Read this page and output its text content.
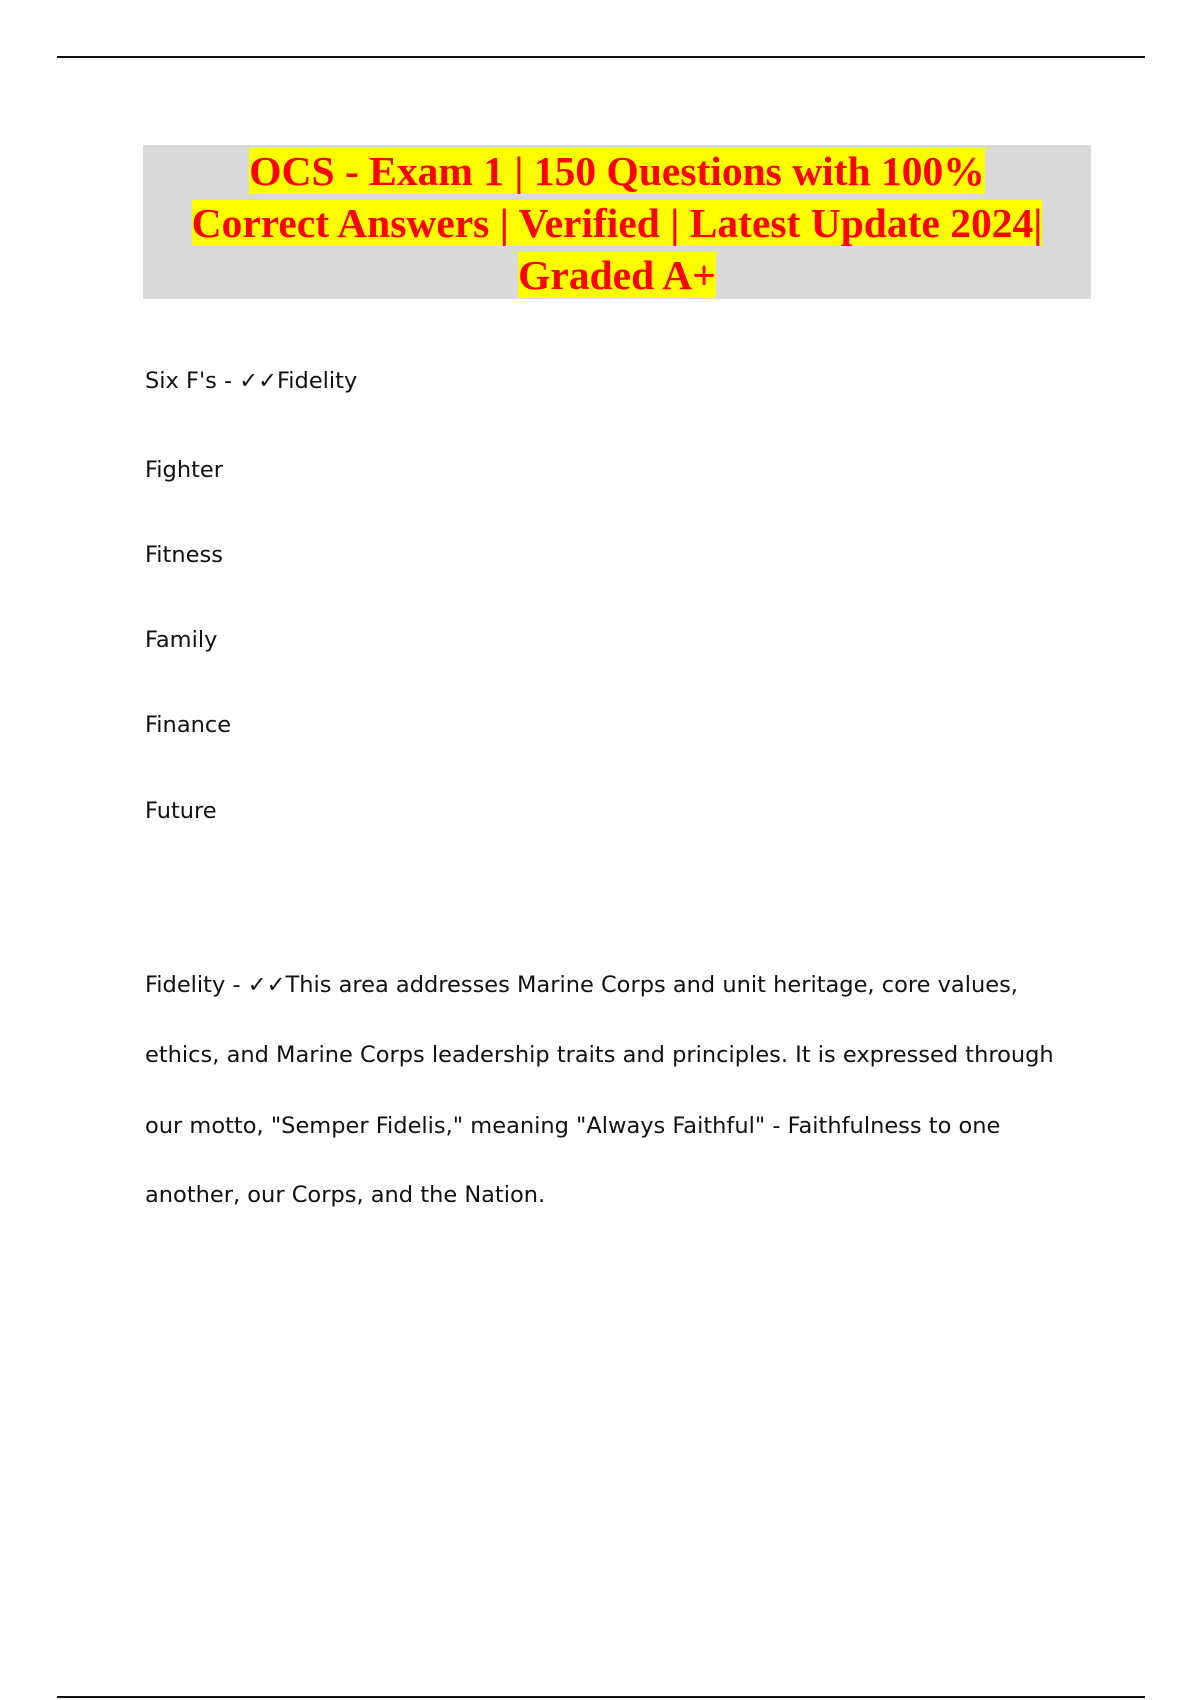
OCS - Exam 1 | 150 Questions with 100%
Correct Answers | Verified | Latest Update 2024|
Graded A+

Six F's - ✓✓Fidelity

Fighter

Fitness

Family

Finance

Future

Fidelity - ✓✓This area addresses Marine Corps and unit heritage, core values,

ethics, and Marine Corps leadership traits and principles. It is expressed through

our motto, "Semper Fidelis," meaning "Always Faithful" - Faithfulness to one

another, our Corps, and the Nation.
